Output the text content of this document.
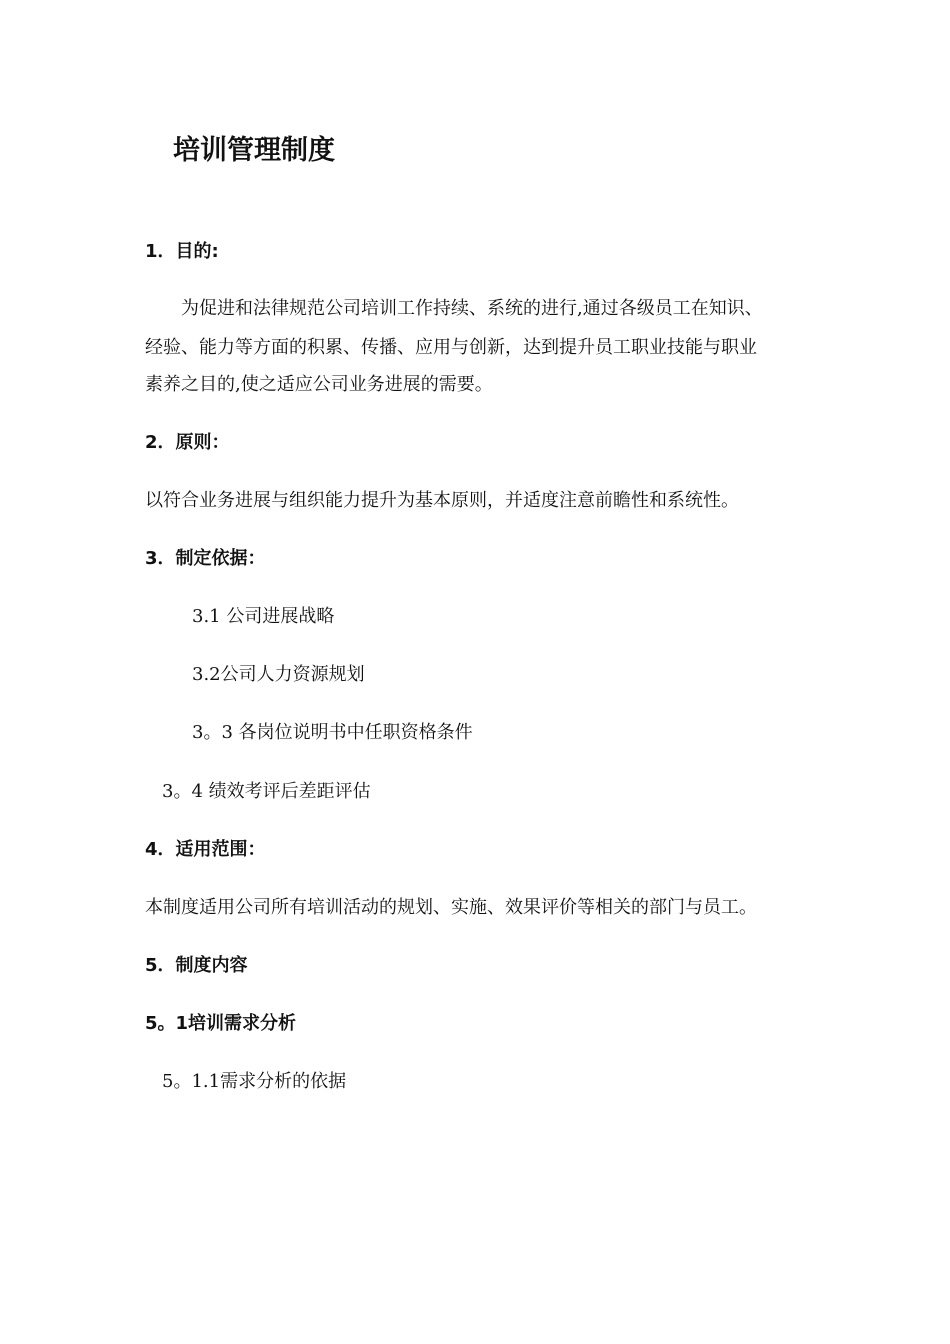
培训管理制度
1．目的:
为促进和法律规范公司培训工作持续、系统的进行,通过各级员工在知识、
经验、能力等方面的积累、传播、应用与创新，达到提升员工职业技能与职业
素养之目的,使之适应公司业务进展的需要。
2．原则：
以符合业务进展与组织能力提升为基本原则，并适度注意前瞻性和系统性。
3．制定依据：
3.1 公司进展战略
3.2公司人力资源规划
3。3 各岗位说明书中任职资格条件
3。4 绩效考评后差距评估
4．适用范围：
本制度适用公司所有培训活动的规划、实施、效果评价等相关的部门与员工。
5．制度内容
5。1培训需求分析
5。1.1需求分析的依据
